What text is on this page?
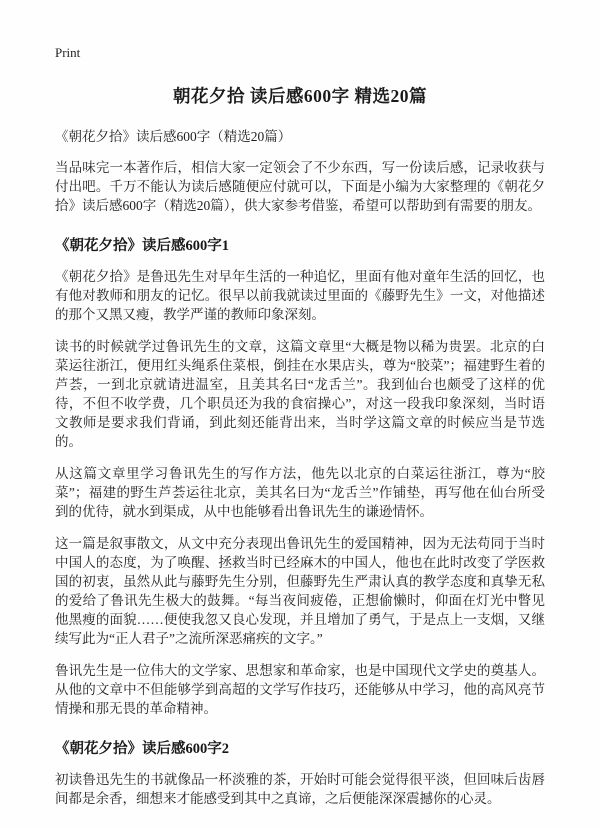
Print
朝花夕拾 读后感600字 精选20篇

《朝花夕拾》读后感600字（精选20篇）

当品味完一本著作后，相信大家一定领会了不少东西，写一份读后感，记录收获与付出吧。千万不能认为读后感随便应付就可以，下面是小编为大家整理的《朝花夕拾》读后感600字（精选20篇），供大家参考借鉴，希望可以帮助到有需要的朋友。

《朝花夕拾》读后感600字1

《朝花夕拾》是鲁迅先生对早年生活的一种追忆，里面有他对童年生活的回忆，也有他对教师和朋友的记忆。很早以前我就读过里面的《藤野先生》一文，对他描述的那个又黑又瘦，教学严谨的教师印象深刻。

读书的时候就学过鲁讯先生的文章，这篇文章里“大概是物以稀为贵罢。北京的白菜运往浙江，便用红头绳系住菜根，倒挂在水果店头，尊为“胶菜”；福建野生着的芦荟，一到北京就请进温室，且美其名曰“龙舌兰”。我到仙台也颇受了这样的优待，不但不收学费，几个职员还为我的食宿操心”，对这一段我印象深刻，当时语文教师是要求我们背诵，到此刻还能背出来，当时学这篇文章的时候应当是节选的。

从这篇文章里学习鲁讯先生的写作方法，他先以北京的白菜运往浙江，尊为“胶菜”；福建的野生芦荟运往北京，美其名曰为“龙舌兰”作铺垫，再写他在仙台所受到的优待，就水到渠成，从中也能够看出鲁讯先生的谦逊情怀。

这一篇是叙事散文，从文中充分表现出鲁讯先生的爱国精神，因为无法苟同于当时中国人的态度，为了唤醒、拯救当时已经麻木的中国人，他也在此时改变了学医救国的初衷，虽然从此与藤野先生分别，但藤野先生严肃认真的教学态度和真挚无私的爱给了鲁讯先生极大的鼓舞。“每当夜间疲倦，正想偷懒时，仰面在灯光中瞥见他黑瘦的面貌……便使我忽又良心发现，并且增加了勇气，于是点上一支烟，又继续写此为“正人君子”之流所深恶痛疾的文字。”

鲁讯先生是一位伟大的文学家、思想家和革命家，也是中国现代文学史的奠基人。从他的文章中不但能够学到高超的文学写作技巧，还能够从中学习，他的高风亮节情操和那无畏的革命精神。

《朝花夕拾》读后感600字2

初读鲁迅先生的书就像品一杯淡雅的茶，开始时可能会觉得很平淡，但回味后齿唇间都是余香，细想来才能感受到其中之真谛，之后便能深深震撼你的心灵。
